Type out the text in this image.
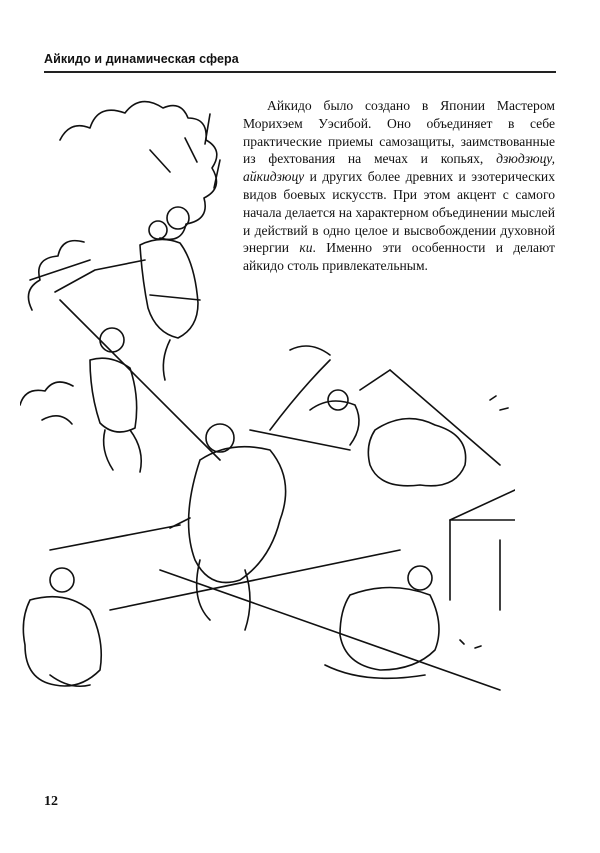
Айкидо и динамическая сфера

Айкидо было создано в Японии Мастером Морихэем Уэсибой. Оно объединяет в себе практические приемы самозащиты, заимствованные из фехтования на мечах и копьях, дзюдзюцу, айкидзюцу и других более древних и эзотерических видов боевых искусств. При этом акцент с самого начала делается на характерном объединении мыслей и действий в одно целое и высвобождении духовной энергии ки. Именно эти особенности и делают айкидо столь привлекательным.

12
